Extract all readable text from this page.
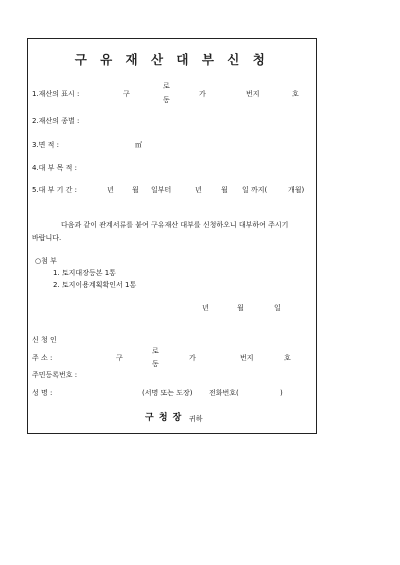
구 유 재 산 대 부 신 청
1.재산의 표시 :	구
로
동
가	번지	호
2.재산의 종별 :
3.면 적 :	㎡
4.대 부 목 적 :
5.대 부 기 간 :	년	월 일부터	년	월 일 까지(	개월)
다음과 같이 관계서류를 붙여 구유재산 대부를 신청하오니 대부하여 주시기
바랍니다.
○첨 부
1. 토지대장등본 1통
2. 토지이용계획확인서 1통
년	월	일
신 청 인
주 소 :	구
로
동
가	번지	호
주민등록번호 :
성 명 :	(서명 또는 도장) 전화번호(	)
구 청 장 귀하
